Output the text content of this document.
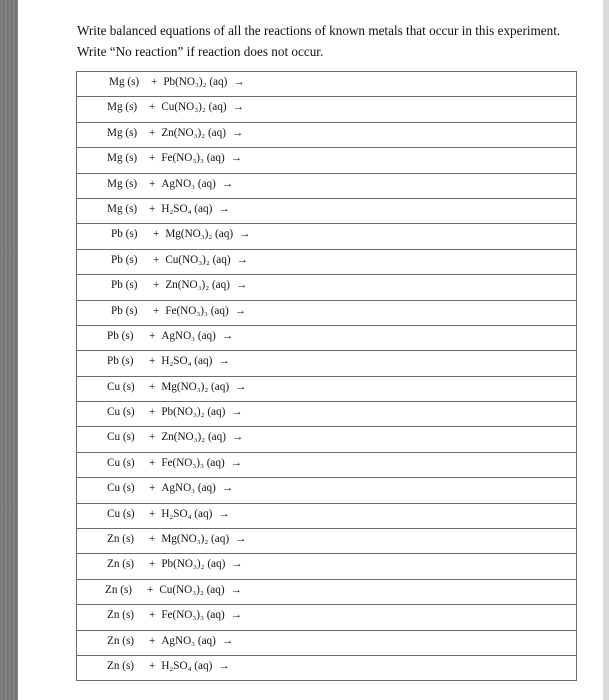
Write balanced equations of all the reactions of known metals that occur in this experiment.
Write “No reaction” if reaction does not occur.
Mg (s) + Pb(NO₃)₂ (aq) →
Mg (s) + Cu(NO₃)₂ (aq) →
Mg (s) + Zn(NO₃)₂ (aq) →
Mg (s) + Fe(NO₃)₃ (aq) →
Mg (s) + AgNO₃ (aq) →
Mg (s) + H₂SO₄ (aq) →
Pb (s) + Mg(NO₃)₂ (aq) →
Pb (s) + Cu(NO₃)₂ (aq) →
Pb (s) + Zn(NO₃)₂ (aq) →
Pb (s) + Fe(NO₃)₃ (aq) →
Pb (s) + AgNO₃ (aq) →
Pb (s) + H₂SO₄ (aq) →
Cu (s) + Mg(NO₃)₂ (aq) →
Cu (s) + Pb(NO₃)₂ (aq) →
Cu (s) + Zn(NO₃)₂ (aq) →
Cu (s) + Fe(NO₃)₃ (aq) →
Cu (s) + AgNO₃ (aq) →
Cu (s) + H₂SO₄ (aq) →
Zn (s) + Mg(NO₃)₂ (aq) →
Zn (s) + Pb(NO₃)₂ (aq) →
Zn (s) + Cu(NO₃)₂ (aq) →
Zn (s) + Fe(NO₃)₃ (aq) →
Zn (s) + AgNO₃ (aq) →
Zn (s) + H₂SO₄ (aq) →
